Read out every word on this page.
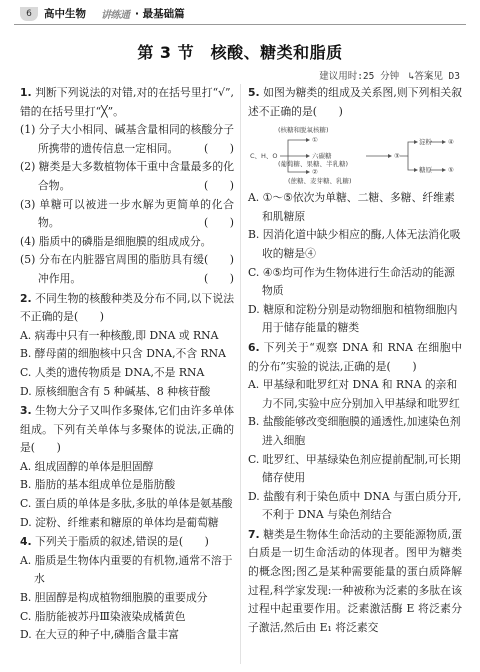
6	高中生物 讲练通 · 最基础篇
第 3 节　核酸、糖类和脂质
建议用时:25 分钟　↳答案见 D3
1. 判断下列说法的对错,对的在括号里打“√”,错的在括号里打“╳”。
(1) 分子大小相同、碱基含量相同的核酸分子所携带的遗传信息一定相同。 (　　)
(2) 糖类是大多数植物体干重中含量最多的化合物。	(　　)
(3) 单糖可以被进一步水解为更简单的化合物。	(　　)
(4) 脂质中的磷脂是细胞膜的组成成分。
(　　)
(5) 分布在内脏器官周围的脂肪具有缓冲作用。	(　　)
2. 不同生物的核酸种类及分布不同,以下说法不正确的是(　　)
A. 病毒中只有一种核酸,即 DNA 或 RNA
B. 酵母菌的细胞核中只含 DNA,不含 RNA
C. 人类的遗传物质是 DNA,不是 RNA
D. 原核细胞含有 5 种碱基、8 种核苷酸
3. 生物大分子又叫作多聚体,它们由许多单体组成。下列有关单体与多聚体的说法,正确的是(　　)
A. 组成固醇的单体是胆固醇
B. 脂肪的基本组成单位是脂肪酸
C. 蛋白质的单体是多肽,多肽的单体是氨基酸
D. 淀粉、纤维素和糖原的单体均是葡萄糖
4. 下列关于脂质的叙述,错误的是(　　)
A. 脂质是生物体内重要的有机物,通常不溶于水
B. 胆固醇是构成植物细胞膜的重要成分
C. 脂肪能被苏丹Ⅲ染液染成橘黄色
D. 在大豆的种子中,磷脂含量丰富
5. 如图为糖类的组成及关系图,则下列相关叙述不正确的是(　　)
(核糖和脱氧核糖)
C、H、O
①
六碳糖
(葡萄糖、果糖、半乳糖)
②
(蔗糖、麦芽糖、乳糖)
③
淀粉
糖原
④
⑤
A. ①～⑤依次为单糖、二糖、多糖、纤维素和肌糖原
B. 因消化道中缺少相应的酶,人体无法消化吸收的糖是④
C. ④⑤均可作为生物体进行生命活动的能源物质
D. 糖原和淀粉分别是动物细胞和植物细胞内用于储存能量的糖类
6. 下列关于“观察 DNA 和 RNA 在细胞中的分布”实验的说法,正确的是(　　)
A. 甲基绿和吡罗红对 DNA 和 RNA 的亲和力不同,实验中应分别加入甲基绿和吡罗红
B. 盐酸能够改变细胞膜的通透性,加速染色剂进入细胞
C. 吡罗红、甲基绿染色剂应提前配制,可长期储存使用
D. 盐酸有利于染色质中 DNA 与蛋白质分开,不利于 DNA 与染色剂结合
7. 糖类是生物体生命活动的主要能源物质,蛋白质是一切生命活动的体现者。图甲为糖类的概念图;图乙是某种需要能量的蛋白质降解过程,科学家发现:一种被称为泛素的多肽在该过程中起重要作用。泛素激活酶 E 将泛素分子激活,然后由 E₁ 将泛素交
